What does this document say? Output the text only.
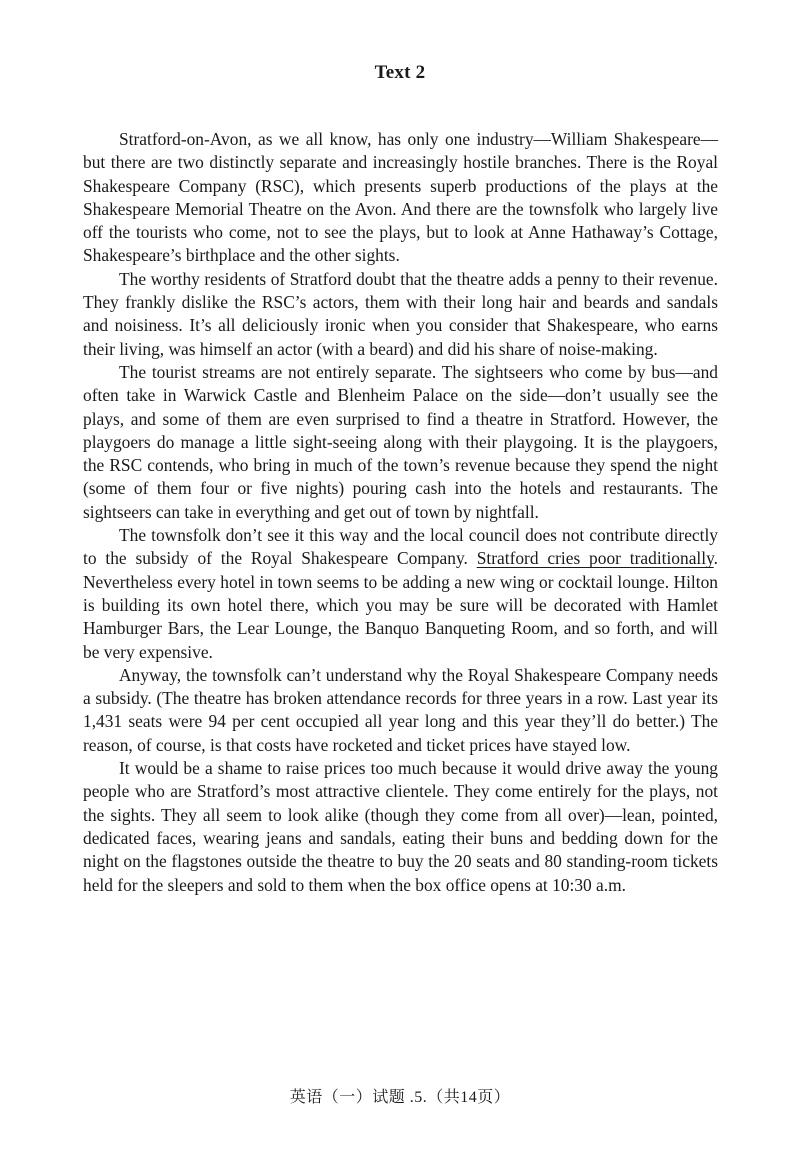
Text 2

Stratford-on-Avon, as we all know, has only one industry—William Shakespeare—but there are two distinctly separate and increasingly hostile branches. There is the Royal Shakespeare Company (RSC), which presents superb productions of the plays at the Shakespeare Memorial Theatre on the Avon. And there are the townsfolk who largely live off the tourists who come, not to see the plays, but to look at Anne Hathaway’s Cottage, Shakespeare’s birthplace and the other sights.

The worthy residents of Stratford doubt that the theatre adds a penny to their revenue. They frankly dislike the RSC’s actors, them with their long hair and beards and sandals and noisiness. It’s all deliciously ironic when you consider that Shakespeare, who earns their living, was himself an actor (with a beard) and did his share of noise-making.

The tourist streams are not entirely separate. The sightseers who come by bus—and often take in Warwick Castle and Blenheim Palace on the side—don’t usually see the plays, and some of them are even surprised to find a theatre in Stratford. However, the playgoers do manage a little sight-seeing along with their playgoing. It is the playgoers, the RSC contends, who bring in much of the town’s revenue because they spend the night (some of them four or five nights) pouring cash into the hotels and restaurants. The sightseers can take in everything and get out of town by nightfall.

The townsfolk don’t see it this way and the local council does not contribute directly to the subsidy of the Royal Shakespeare Company. Stratford cries poor traditionally. Nevertheless every hotel in town seems to be adding a new wing or cocktail lounge. Hilton is building its own hotel there, which you may be sure will be decorated with Hamlet Hamburger Bars, the Lear Lounge, the Banquo Banqueting Room, and so forth, and will be very expensive.

Anyway, the townsfolk can’t understand why the Royal Shakespeare Company needs a subsidy. (The theatre has broken attendance records for three years in a row. Last year its 1,431 seats were 94 per cent occupied all year long and this year they’ll do better.) The reason, of course, is that costs have rocketed and ticket prices have stayed low.

It would be a shame to raise prices too much because it would drive away the young people who are Stratford’s most attractive clientele. They come entirely for the plays, not the sights. They all seem to look alike (though they come from all over)—lean, pointed, dedicated faces, wearing jeans and sandals, eating their buns and bedding down for the night on the flagstones outside the theatre to buy the 20 seats and 80 standing-room tickets held for the sleepers and sold to them when the box office opens at 10:30 a.m.

英语（一）试题 .5.（共14页）
